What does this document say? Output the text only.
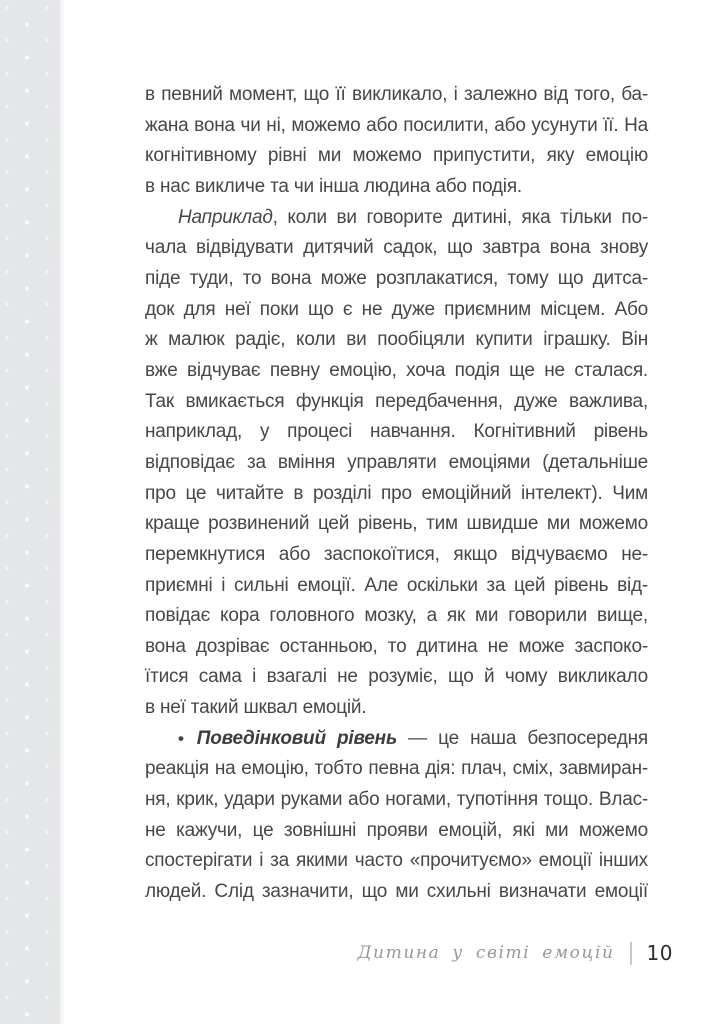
в певний момент, що її викликало, і залежно від того, ба-
жана вона чи ні, можемо або посилити, або усунути її. На
когнітивному рівні ми можемо припустити, яку емоцію
в нас викличе та чи інша людина або подія.
Наприклад, коли ви говорите дитині, яка тільки по-
чала відвідувати дитячий садок, що завтра вона знову
піде туди, то вона може розплакатися, тому що дитса-
док для неї поки що є не дуже приємним місцем. Або
ж малюк радіє, коли ви пообіцяли купити іграшку. Він
вже відчуває певну емоцію, хоча подія ще не сталася.
Так вмикається функція передбачення, дуже важлива,
наприклад, у процесі навчання. Когнітивний рівень
відповідає за вміння управляти емоціями (детальніше
про це читайте в розділі про емоційний інтелект). Чим
краще розвинений цей рівень, тим швидше ми можемо
перемкнутися або заспокоїтися, якщо відчуваємо не-
приємні і сильні емоції. Але оскільки за цей рівень від-
повідає кора головного мозку, а як ми говорили вище,
вона дозріває останньою, то дитина не може заспоко-
їтися сама і взагалі не розуміє, що й чому викликало
в неї такий шквал емоцій.
• Поведінковий рівень — це наша безпосередня
реакція на емоцію, тобто певна дія: плач, сміх, завмиран-
ня, крик, удари руками або ногами, тупотіння тощо. Влас-
не кажучи, це зовнішні прояви емоцій, які ми можемо
спостерігати і за якими часто «прочитуємо» емоції інших
людей. Слід зазначити, що ми схильні визначати емоції
Дитина у світі емоцій 10
